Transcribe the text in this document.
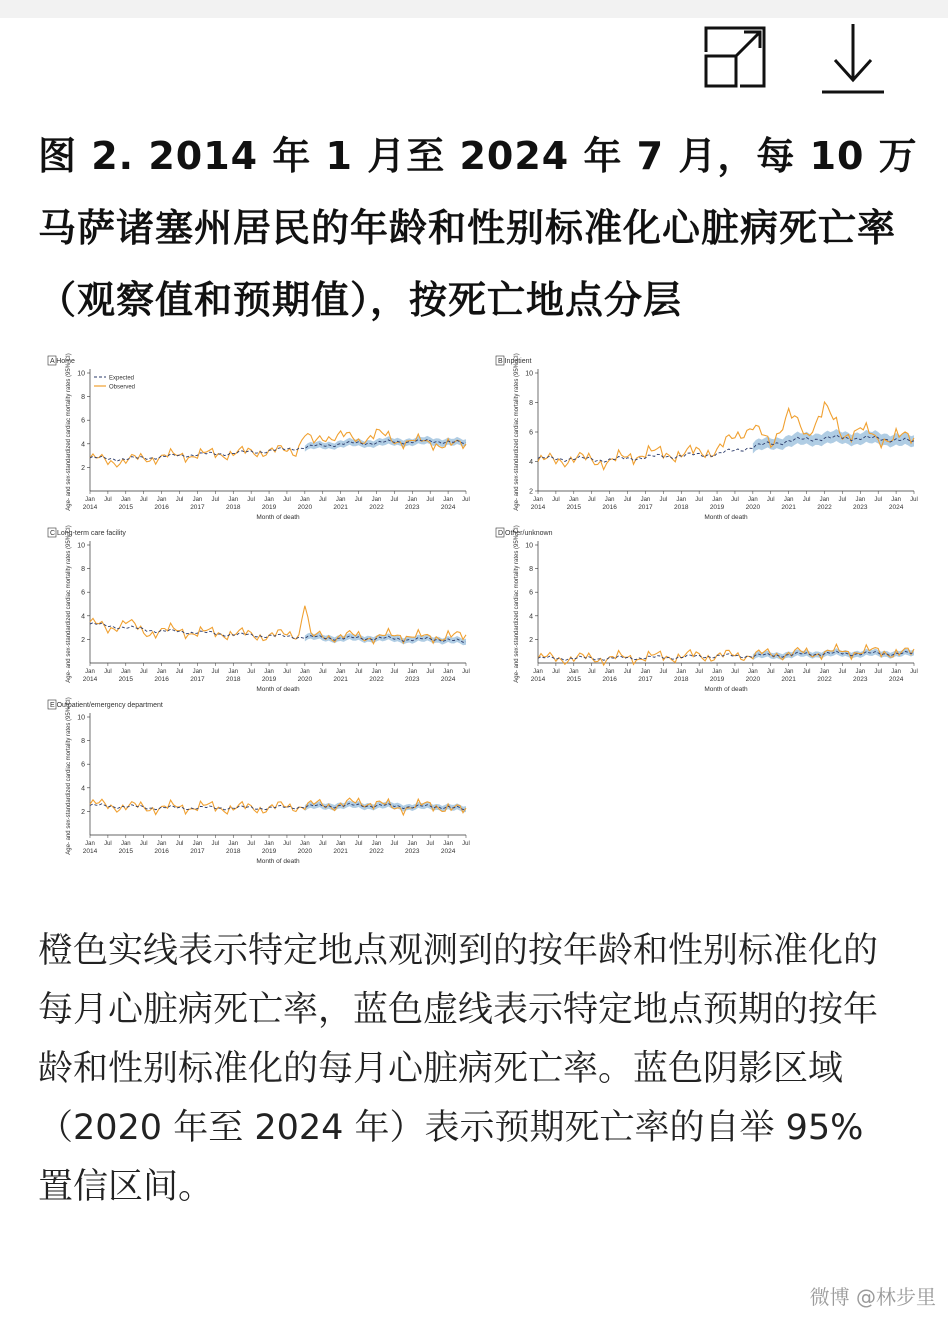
图 2. 2014 年 1 月至 2024 年 7 月，每 10 万马萨诸塞州居民的年龄和性别标准化心脏病死亡率（观察值和预期值），按死亡地点分层
A Home
2
4
6
8
10
Age- and sex-standardized cardiac mortality rates (95% CI) Jan Jul
2014
Jan Jul
2015
Jan Jul
2016
Jan Jul
2017
Jan Jul
2018
Jan Jul
2019
Jan Jul
2020
Jan Jul
2021
Jan Jul
2022
Jan Jul
2023
Jan Jul
2024
Month of death
Expected
Observed
B Inpatient
2
4
6
8
10
Age- and sex-standardized cardiac mortality rates (95% CI) Jan Jul
2014
Jan Jul
2015
Jan Jul
2016
Jan Jul
2017
Jan Jul
2018
Jan Jul
2019
Jan Jul
2020
Jan Jul
2021
Jan Jul
2022
Jan Jul
2023
Jan Jul
2024
Month of death
C Long-term care facility
2
4
6
8
10
Age- and sex-standardized cardiac mortality rates (95% CI) Jan Jul
2014
Jan Jul
2015
Jan Jul
2016
Jan Jul
2017
Jan Jul
2018
Jan Jul
2019
Jan Jul
2020
Jan Jul
2021
Jan Jul
2022
Jan Jul
2023
Jan Jul
2024
Month of death
D Other/unknown
2
4
6
8
10
Age- and sex-standardized cardiac mortality rates (95% CI) Jan Jul
2014
Jan Jul
2015
Jan Jul
2016
Jan Jul
2017
Jan Jul
2018
Jan Jul
2019
Jan Jul
2020
Jan Jul
2021
Jan Jul
2022
Jan Jul
2023
Jan Jul
2024
Month of death
E Outpatient/emergency department
2
4
6
8
10
Age- and sex-standardized cardiac mortality rates (95% CI) Jan Jul
2014
Jan Jul
2015
Jan Jul
2016
Jan Jul
2017
Jan Jul
2018
Jan Jul
2019
Jan Jul
2020
Jan Jul
2021
Jan Jul
2022
Jan Jul
2023
Jan Jul
2024
Month of death

橙色实线表示特定地点观测到的按年龄和性别标准化的每月心脏病死亡率，蓝色虚线表示特定地点预期的按年龄和性别标准化的每月心脏病死亡率。蓝色阴影区域（2020 年至 2024 年）表示预期死亡率的自举 95% 置信区间。

微博 @林步里
